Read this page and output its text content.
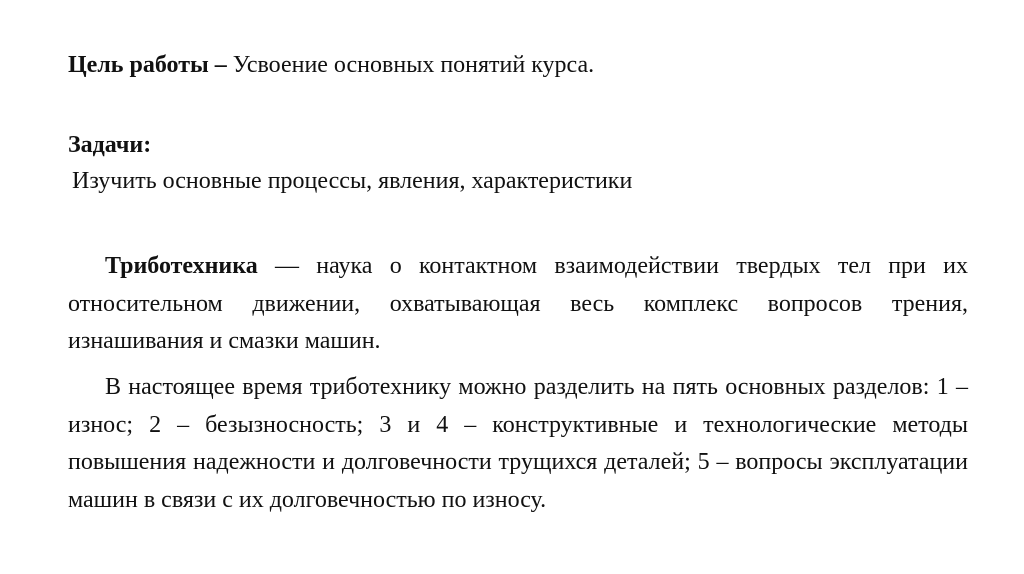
Цель работы – Усвоение основных понятий курса.
Задачи:
Изучить основные процессы, явления, характеристики

Триботехника — наука о контактном взаимодействии твердых тел при их относительном движении, охватывающая весь комплекс вопросов трения, изнашивания и смазки машин.

В настоящее время триботехнику можно разделить на пять основных разделов: 1 – износ; 2 – безызносность; 3 и 4 – конструктивные и технологические методы повышения надежности и долговечности трущихся деталей; 5 – вопросы эксплуатации машин в связи с их долговечностью по износу.
